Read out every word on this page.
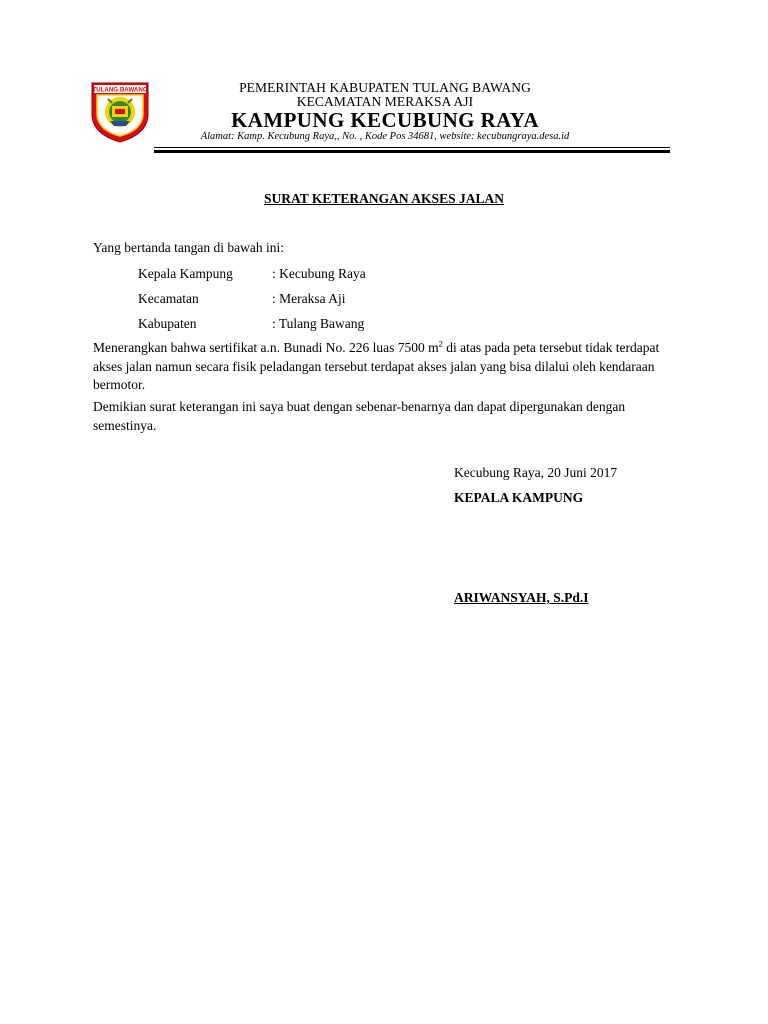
TULANG BAWANG	PEMERINTAH KABUPATEN TULANG BAWANG
KECAMATAN MERAKSA AJI
KAMPUNG KECUBUNG RAYA
Alamat: Kamp. Kecubung Raya,, No. , Kode Pos 34681, website: kecubungraya.desa.id
SURAT KETERANGAN AKSES JALAN
Yang bertanda tangan di bawah ini:
Kepala Kampung	: Kecubung Raya
Kecamatan	: Meraksa Aji
Kabupaten	: Tulang Bawang
Menerangkan bahwa sertifikat a.n. Bunadi No. 226 luas 7500 $m^2$ di atas pada peta tersebut tidak terdapat akses jalan namun secara fisik peladangan tersebut terdapat akses jalan yang bisa dilalui oleh kendaraan bermotor.
Demikian surat keterangan ini saya buat dengan sebenar-benarnya dan dapat dipergunakan dengan semestinya.
Kecubung Raya, 20 Juni 2017
KEPALA KAMPUNG
ARIWANSYAH, S.Pd.I
